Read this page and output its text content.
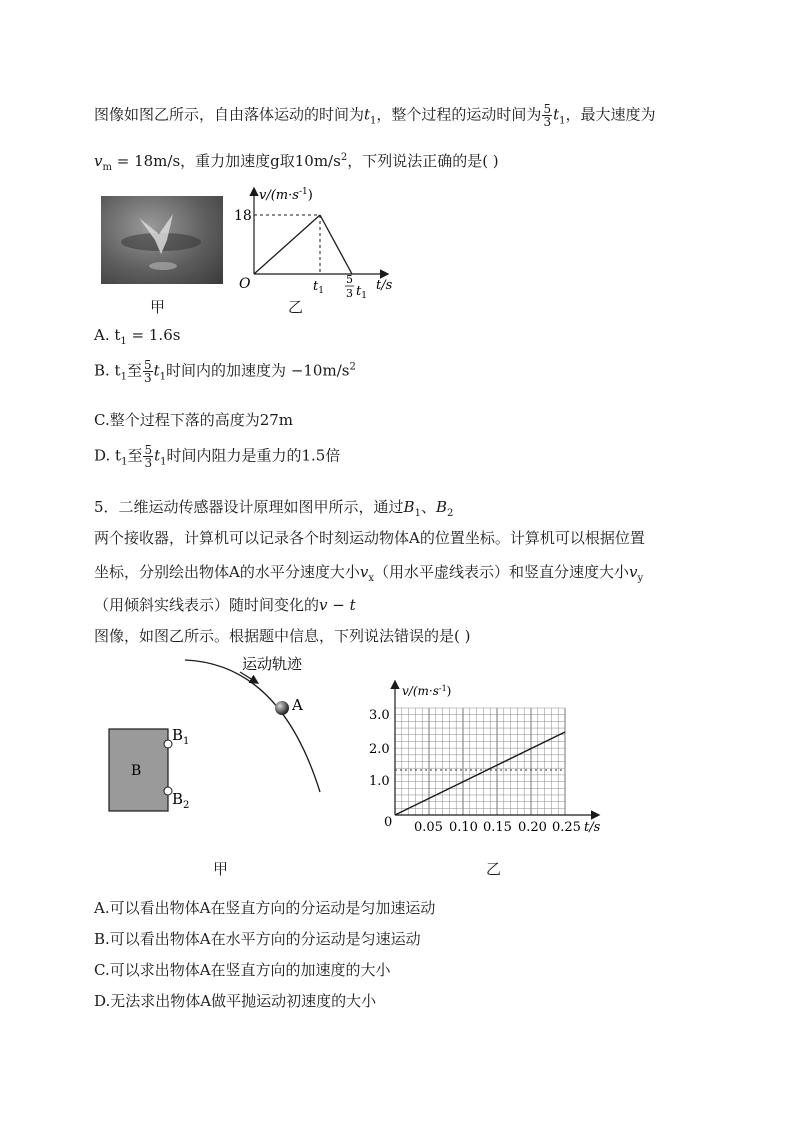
图像如图乙所示，自由落体运动的时间为$t_1$，整个过程的运动时间为 $\frac{5}{3} t_1$，最大速度为
$v_m = 18m/s$，重力加速度g取$10m/s^2$，下列说法正确的是( )
甲
$v/(m\cdot s^{-1})$
18
O	$t_1$
5
3 $t_1$
t/s
乙
A. $t_1 = 1.6s$
B. $t_1$至 $\frac{5}{3} t_1$时间内的加速度为 $-10m/s^2$
C.整个过程下落的高度为27m
D. $t_1$至 $\frac{5}{3} t_1$时间内阻力是重力的1.5倍
5．二维运动传感器设计原理如图甲所示，通过$B_1$、$B_2$
两个接收器，计算机可以记录各个时刻运动物体A的位置坐标。计算机可以根据位置
坐标，分别绘出物体A的水平分速度大小$v_x$（用水平虚线表示）和竖直分速度大小$v_y$
（用倾斜实线表示）随时间变化的v − t
图像，如图乙所示。根据题中信息，下列说法错误的是( )
运动轨迹
A
B
$B_1$
$B_2$
甲
$v/(m\cdot s^{-1})$
3.0
2.0
1.0
0 0.05 0.10 0.15 0.20 0.25 t/s
乙
A.可以看出物体A在竖直方向的分运动是匀加速运动
B.可以看出物体A在水平方向的分运动是匀速运动
C.可以求出物体A在竖直方向的加速度的大小
D.无法求出物体A做平抛运动初速度的大小
